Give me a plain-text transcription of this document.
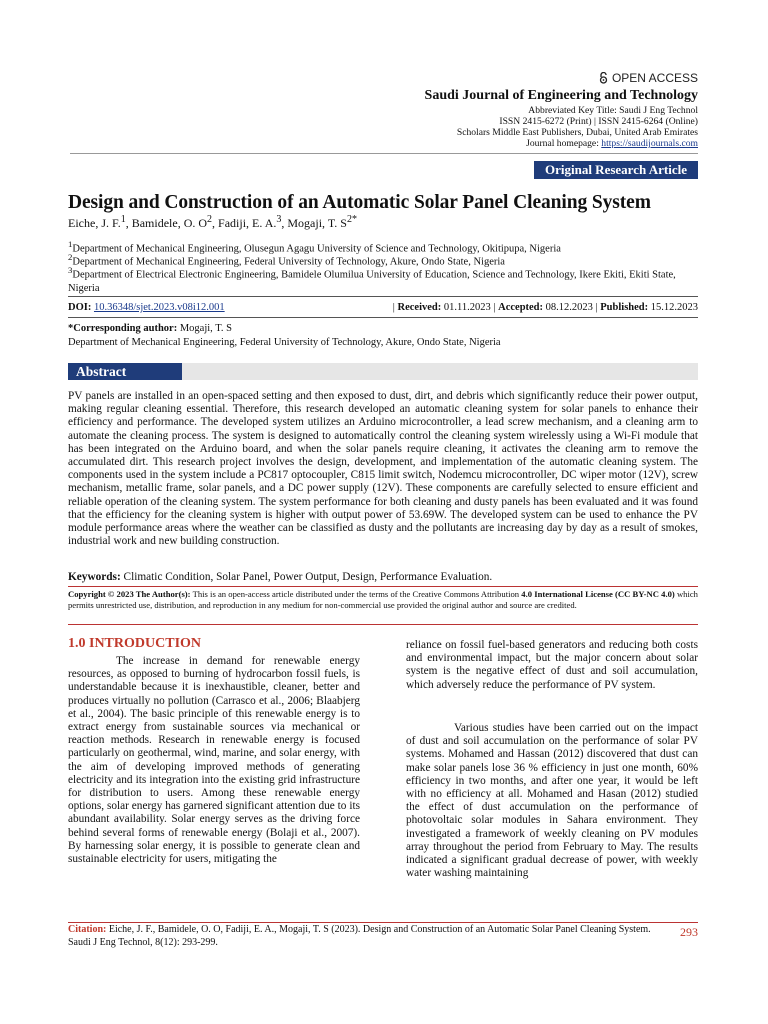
OPEN ACCESS
Saudi Journal of Engineering and Technology
Abbreviated Key Title: Saudi J Eng Technol
ISSN 2415-6272 (Print) | ISSN 2415-6264 (Online)
Scholars Middle East Publishers, Dubai, United Arab Emirates
Journal homepage: https://saudijournals.com
Original Research Article
Design and Construction of an Automatic Solar Panel Cleaning System
Eiche, J. F.$^1$, Bamidele, O. $O^2$, Fadiji, E. A.$^3$, Mogaji, T. $S^{2*}$
$^1$Department of Mechanical Engineering, Olusegun Agagu University of Science and Technology, Okitipupa, Nigeria
$^2$Department of Mechanical Engineering, Federal University of Technology, Akure, Ondo State, Nigeria
$^3$Department of Electrical Electronic Engineering, Bamidele Olumilua University of Education, Science and Technology, Ikere Ekiti, Ekiti State, Nigeria
DOI: 10.36348/sjet.2023.v08i12.001	| Received: 01.11.2023 | Accepted: 08.12.2023 | Published: 15.12.2023
*Corresponding author: Mogaji, T. S
Department of Mechanical Engineering, Federal University of Technology, Akure, Ondo State, Nigeria
Abstract
PV panels are installed in an open-spaced setting and then exposed to dust, dirt, and debris which significantly reduce their power output, making regular cleaning essential. Therefore, this research developed an automatic cleaning system for solar panels to enhance their efficiency and performance. The developed system utilizes an Arduino microcontroller, a lead screw mechanism, and a cleaning arm to automate the cleaning process. The system is designed to automatically control the cleaning system wirelessly using a Wi-Fi module that has been integrated on the Arduino board, and when the solar panels require cleaning, it activates the cleaning arm to remove the accumulated dirt. This research project involves the design, development, and implementation of the automatic cleaning system. The components used in the system include a PC817 optocoupler, C815 limit switch, Nodemcu microcontroller, DC wiper motor (12V), screw mechanism, metallic frame, solar panels, and a DC power supply (12V). These components are carefully selected to ensure efficient and reliable operation of the cleaning system. The system performance for both cleaning and dusty panels has been evaluated and it was found that the efficiency for the cleaning system is higher with output power of 53.69W. The developed system can be used to enhance the PV module performance areas where the weather can be classified as dusty and the pollutants are increasing day by day as a result of smokes, industrial work and new building construction.
Keywords: Climatic Condition, Solar Panel, Power Output, Design, Performance Evaluation.
Copyright © 2023 The Author(s): This is an open-access article distributed under the terms of the Creative Commons Attribution 4.0 International License (CC BY-NC 4.0) which permits unrestricted use, distribution, and reproduction in any medium for non-commercial use provided the original author and source are credited.
1.0 INTRODUCTION
The increase in demand for renewable energy resources, as opposed to burning of hydrocarbon fossil fuels, is understandable because it is inexhaustible, cleaner, better and produces virtually no pollution (Carrasco et al., 2006; Blaabjerg et al., 2004). The basic principle of this renewable energy is to extract energy from sustainable sources via mechanical or reaction methods. Research in renewable energy is focused particularly on geothermal, wind, marine, and solar energy, with the aim of developing improved methods of generating electricity and its integration into the existing grid infrastructure for distribution to users. Among these renewable energy options, solar energy has garnered significant attention due to its abundant availability. Solar energy serves as the driving force behind several forms of renewable energy (Bolaji et al., 2007). By harnessing solar energy, it is possible to generate clean and sustainable electricity for users, mitigating the
reliance on fossil fuel-based generators and reducing both costs and environmental impact, but the major concern about solar system is the negative effect of dust and soil accumulation, which adversely reduce the performance of PV system.
Various studies have been carried out on the impact of dust and soil accumulation on the performance of solar PV systems. Mohamed and Hassan (2012) discovered that dust can make solar panels lose 36 % efficiency in just one month, 60% efficiency in two months, and after one year, it would be left with no efficiency at all. Mohamed and Hasan (2012) studied the effect of dust accumulation on the performance of photovoltaic solar modules in Sahara environment. They investigated a framework of weekly cleaning on PV modules array throughout the period from February to May. The results indicated a significant gradual decrease of power, with weekly water washing maintaining
Citation: Eiche, J. F., Bamidele, O. O, Fadiji, E. A., Mogaji, T. S (2023). Design and Construction of an Automatic Solar Panel Cleaning System. Saudi J Eng Technol, 8(12): 293-299.
293
